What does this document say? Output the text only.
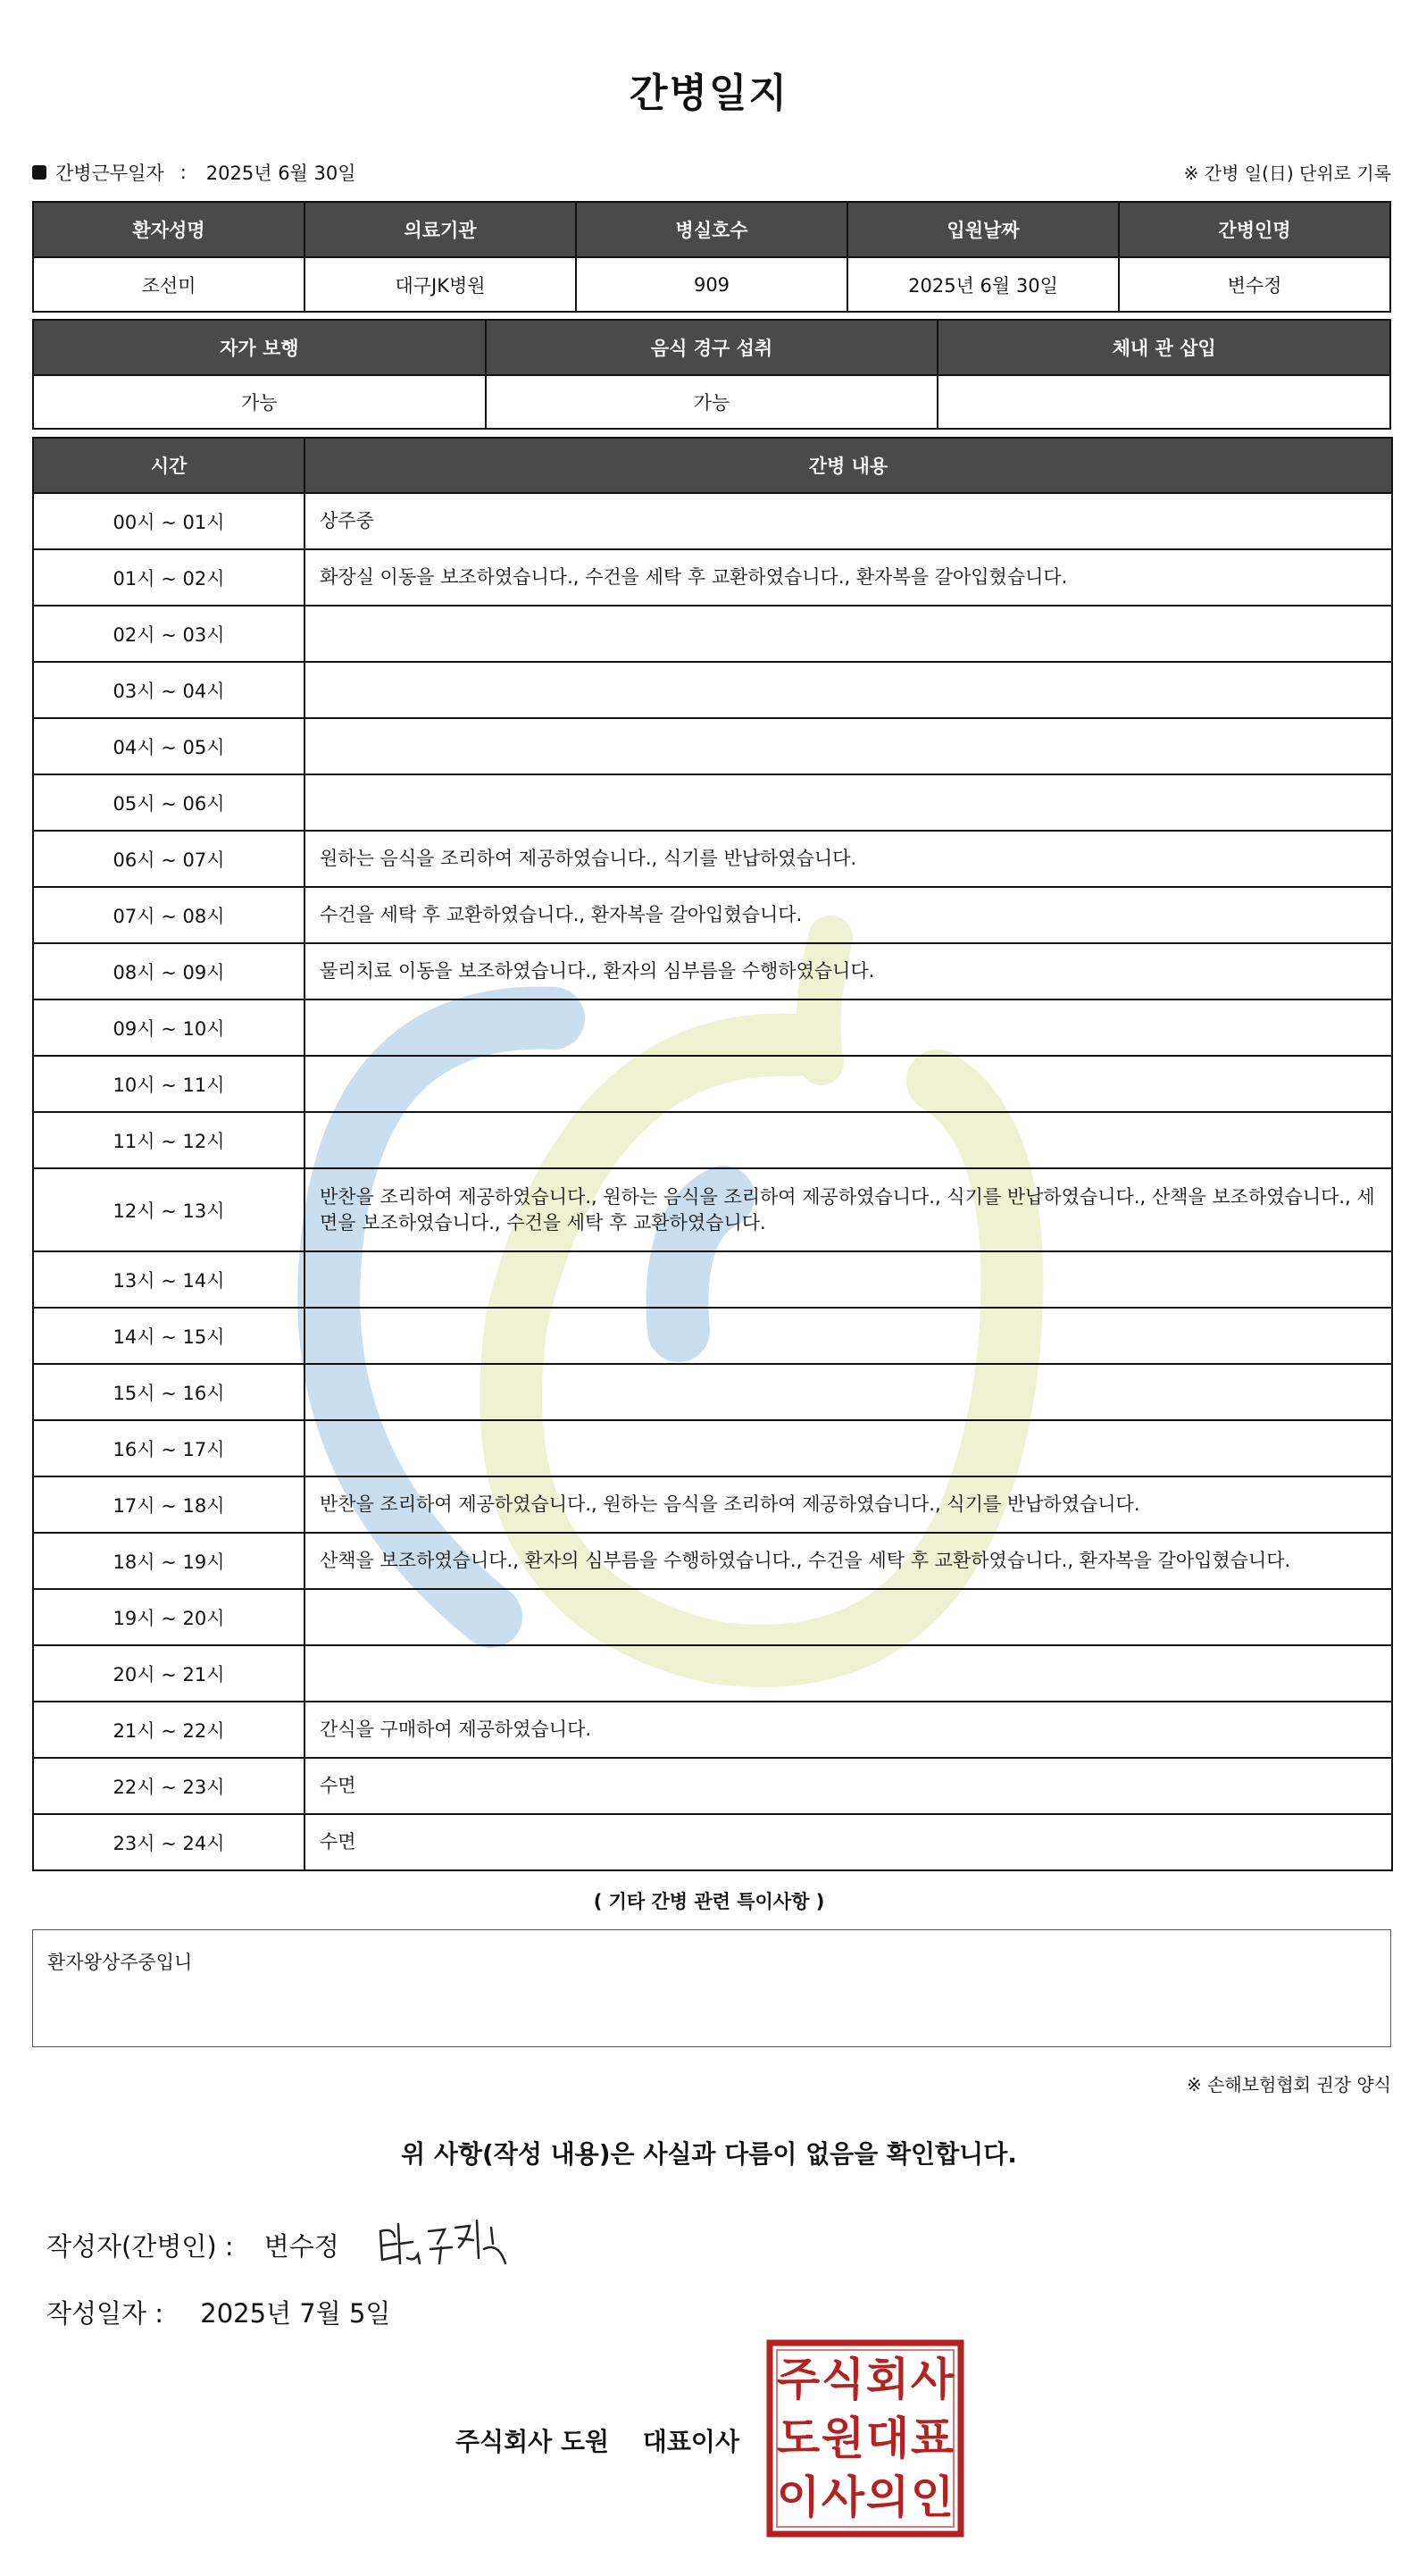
간병일지
간병근무일자 : 2025년 6월 30일	※ 간병 일(日) 단위로 기록
환자성명	의료기관	병실호수	입원날짜	간병인명
조선미	대구JK병원	909	2025년 6월 30일	변수정
자가 보행	음식 경구 섭취	체내 관 삽입
가능	가능	
시간	간병 내용
00시 ~ 01시	상주중
01시 ~ 02시	화장실 이동을 보조하였습니다., 수건을 세탁 후 교환하였습니다., 환자복을 갈아입혔습니다.
02시 ~ 03시	
03시 ~ 04시	
04시 ~ 05시	
05시 ~ 06시	
06시 ~ 07시	원하는 음식을 조리하여 제공하였습니다., 식기를 반납하였습니다.
07시 ~ 08시	수건을 세탁 후 교환하였습니다., 환자복을 갈아입혔습니다.
08시 ~ 09시	물리치료 이동을 보조하였습니다., 환자의 심부름을 수행하였습니다.
09시 ~ 10시	
10시 ~ 11시	
11시 ~ 12시	
12시 ~ 13시	반찬을 조리하여 제공하였습니다., 원하는 음식을 조리하여 제공하였습니다., 식기를 반납하였습니다., 산책을 보조하였습니다., 세면을 보조하였습니다., 수건을 세탁 후 교환하였습니다.
13시 ~ 14시	
14시 ~ 15시	
15시 ~ 16시	
16시 ~ 17시	
17시 ~ 18시	반찬을 조리하여 제공하였습니다., 원하는 음식을 조리하여 제공하였습니다., 식기를 반납하였습니다.
18시 ~ 19시	산책을 보조하였습니다., 환자의 심부름을 수행하였습니다., 수건을 세탁 후 교환하였습니다., 환자복을 갈아입혔습니다.
19시 ~ 20시	
20시 ~ 21시	
21시 ~ 22시	간식을 구매하여 제공하였습니다.
22시 ~ 23시	수면
23시 ~ 24시	수면
( 기타 간병 관련 특이사항 )
환자왕상주중입니
※ 손해보험협회 권장 양식
위 사항(작성 내용)은 사실과 다름이 없음을 확인합니다.
작성자(간병인) : 변수정
작성일자 : 2025년 7월 5일
주식회사 도원 대표이사
주 식 회 사
도 원 대 표
이 사 의 인
